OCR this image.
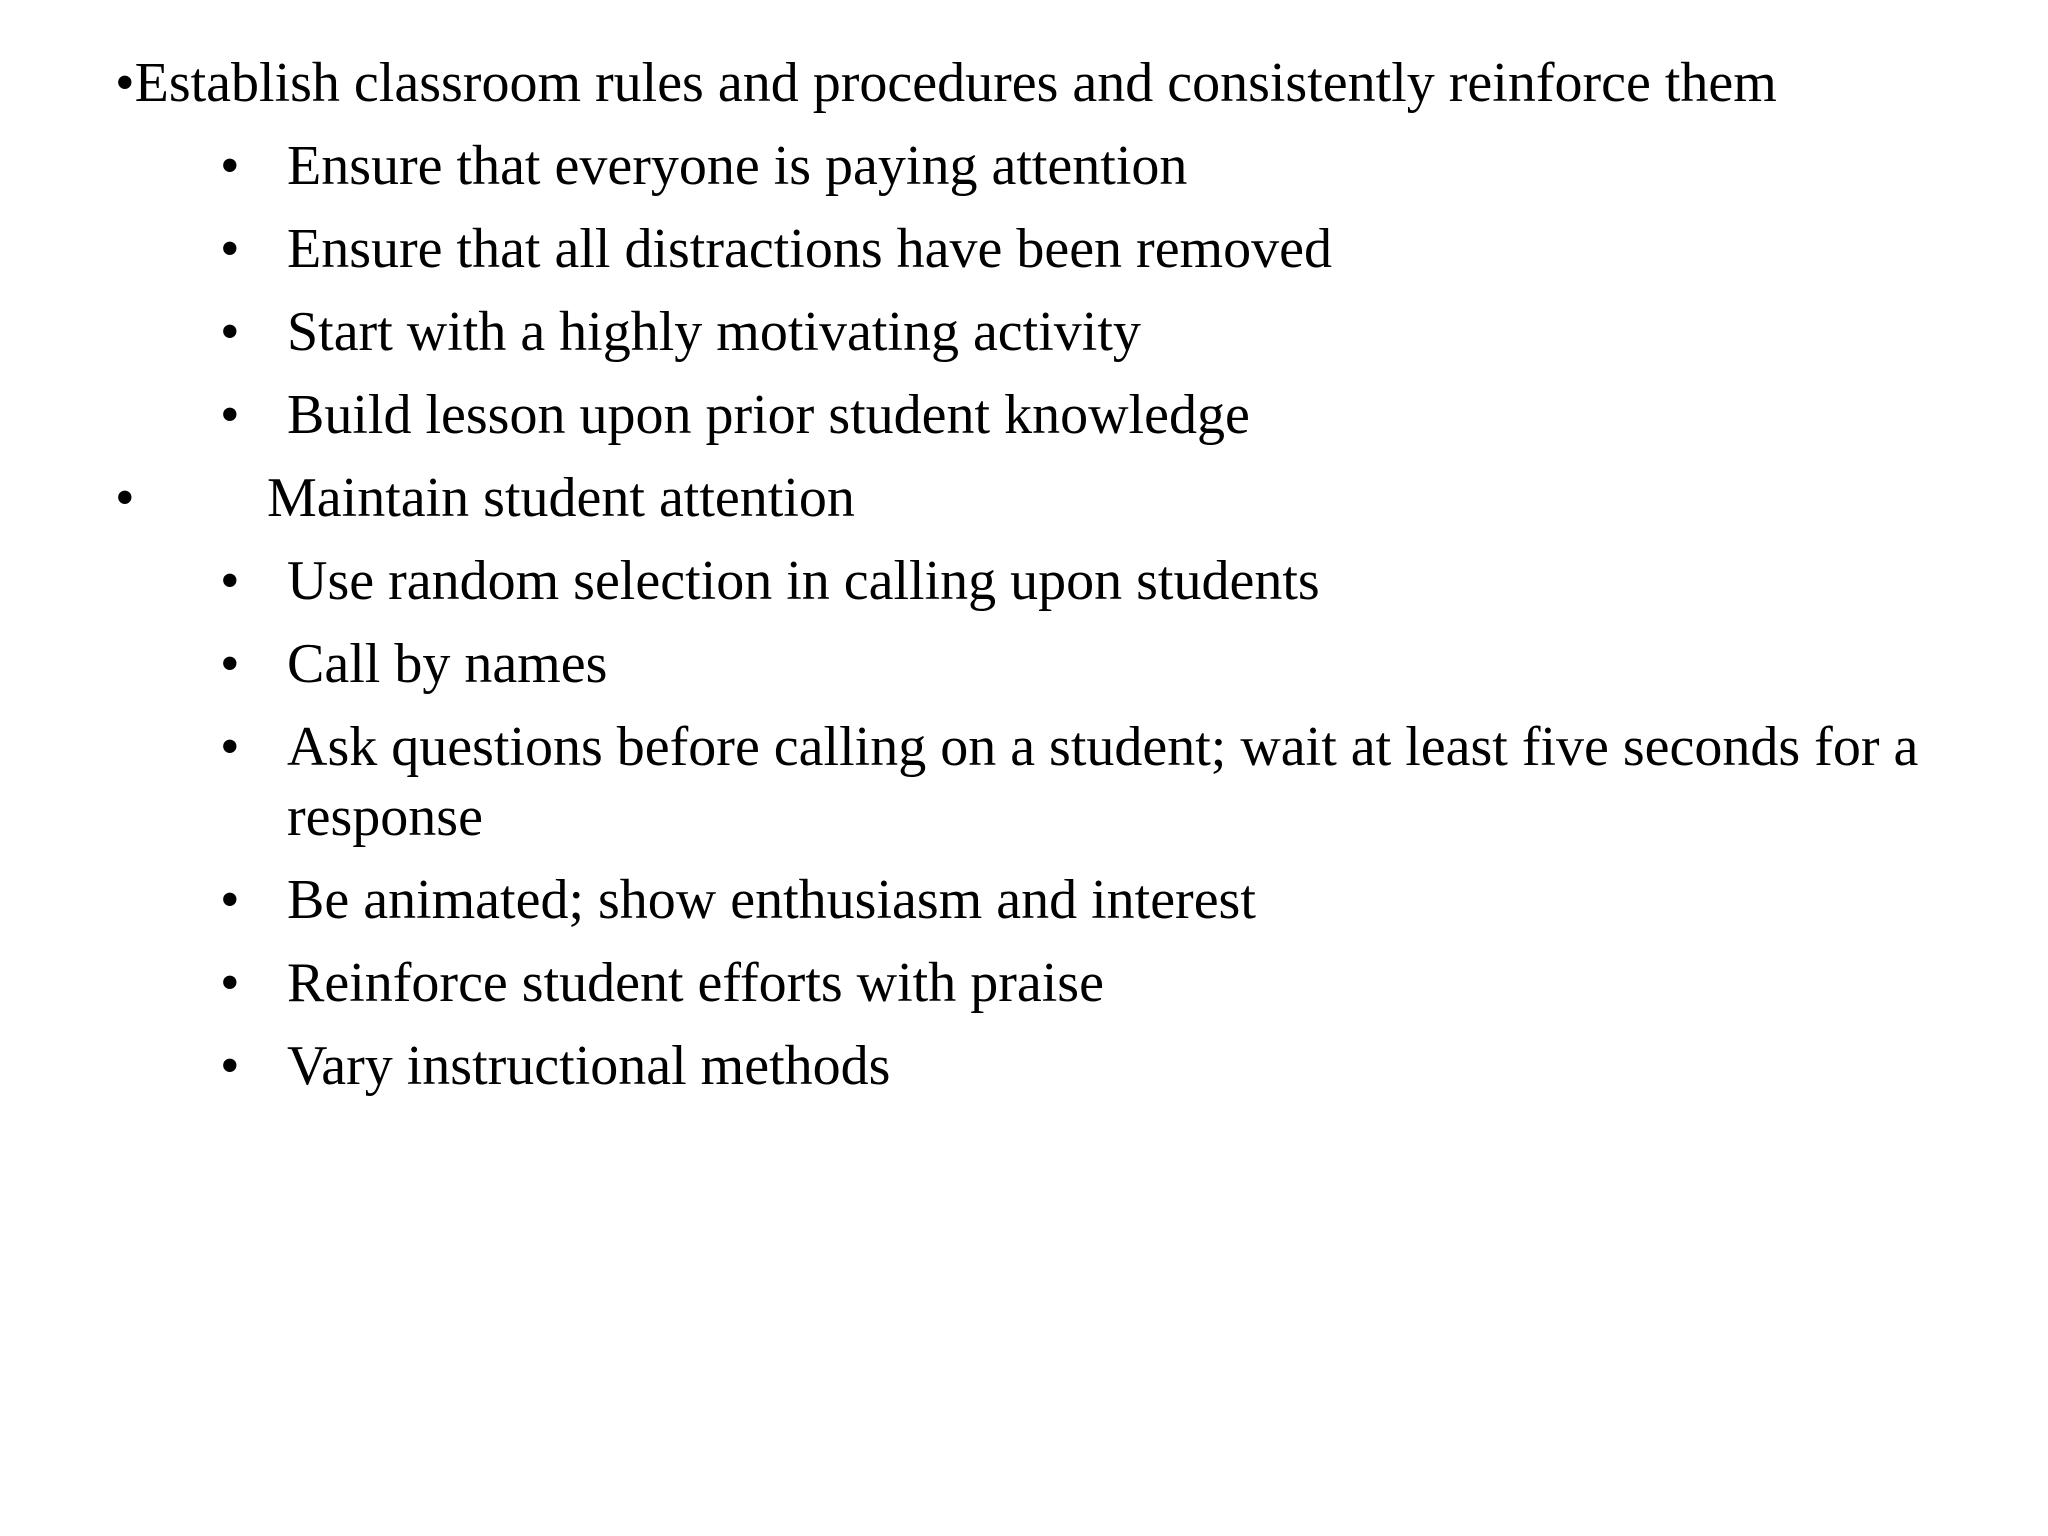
•Establish classroom rules and procedures and consistently reinforce them
• Ensure that everyone is paying attention
• Ensure that all distractions have been removed
• Start with a highly motivating activity
• Build lesson upon prior student knowledge
• Maintain student attention
• Use random selection in calling upon students
• Call by names
• Ask questions before calling on a student; wait at least five seconds for a response
• Be animated; show enthusiasm and interest
• Reinforce student efforts with praise
• Vary instructional methods
